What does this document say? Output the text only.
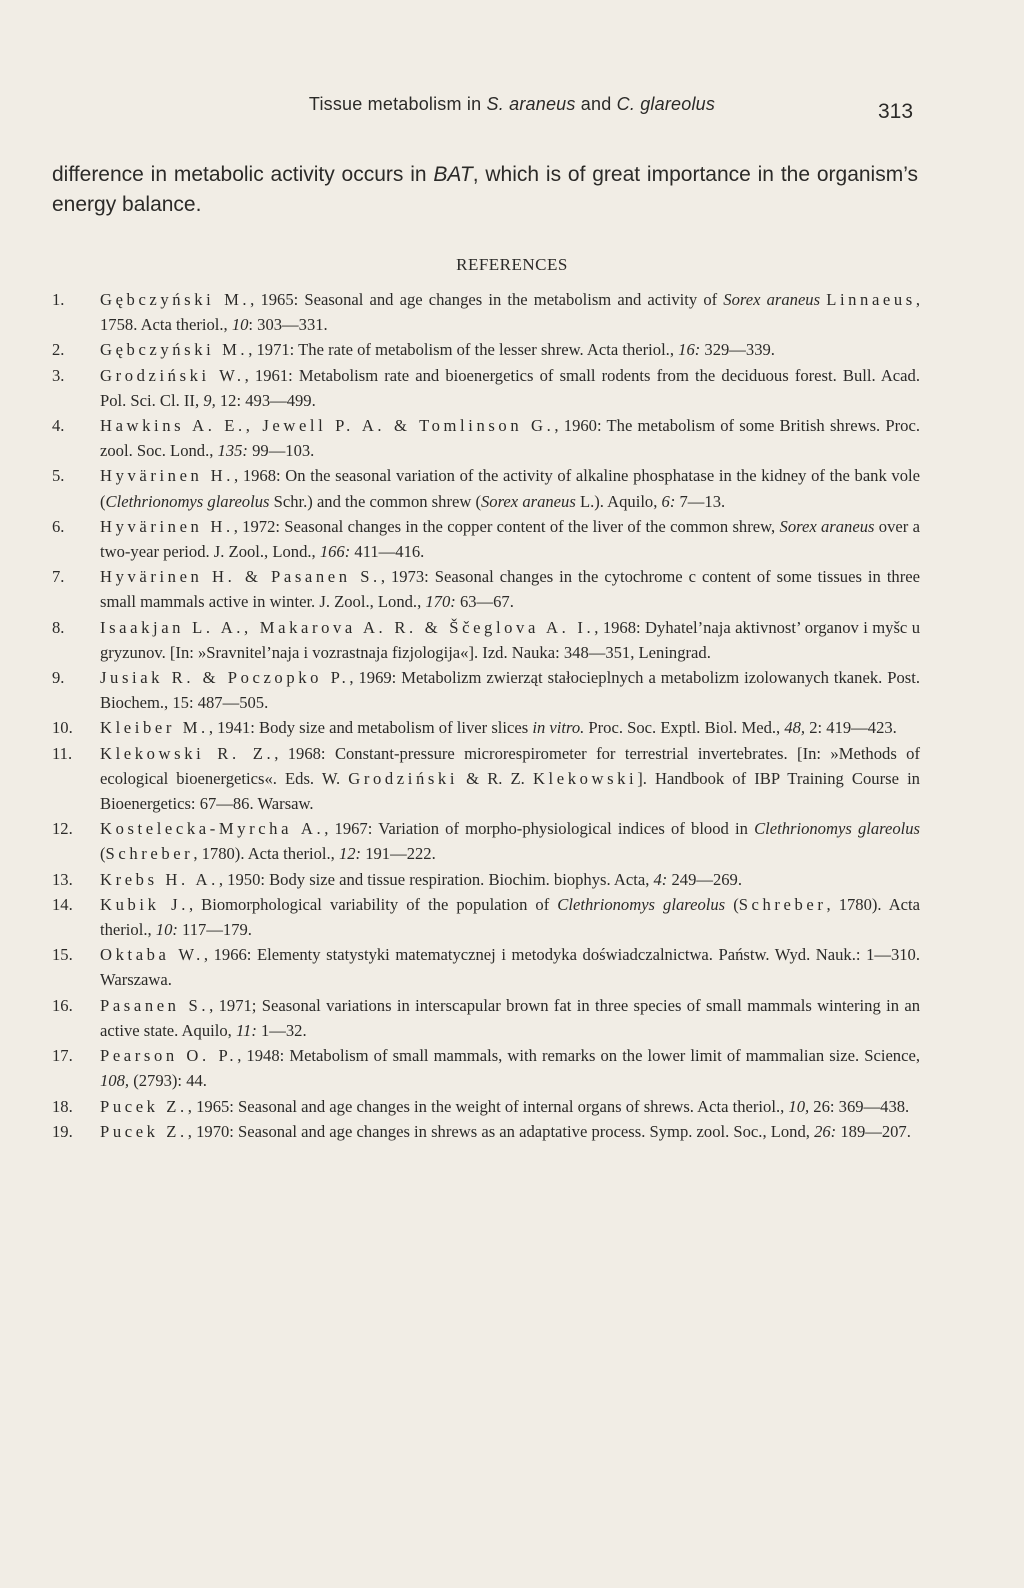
Tissue metabolism in S. araneus and C. glareolus	313
difference in metabolic activity occurs in BAT, which is of great importance in the organism’s energy balance.
REFERENCES
1.	Gębczyński M., 1965: Seasonal and age changes in the metabolism and activity of Sorex araneus Linnaeus, 1758. Acta theriol., 10: 303—331.
2.	Gębczyński M., 1971: The rate of metabolism of the lesser shrew. Acta theriol., 16: 329—339.
3.	Grodziński W., 1961: Metabolism rate and bioenergetics of small rodents from the deciduous forest. Bull. Acad. Pol. Sci. Cl. II, 9, 12: 493—499.
4.	Hawkins A. E., Jewell P. A. & Tomlinson G., 1960: The metabolism of some British shrews. Proc. zool. Soc. Lond., 135: 99—103.
5.	Hyvärinen H., 1968: On the seasonal variation of the activity of alkaline phosphatase in the kidney of the bank vole (Clethrionomys glareolus Schr.) and the common shrew (Sorex araneus L.). Aquilo, 6: 7—13.
6.	Hyvärinen H., 1972: Seasonal changes in the copper content of the liver of the common shrew, Sorex araneus over a two-year period. J. Zool., Lond., 166: 411—416.
7.	Hyvärinen H. & Pasanen S., 1973: Seasonal changes in the cytochrome c content of some tissues in three small mammals active in winter. J. Zool., Lond., 170: 63—67.
8.	Isaakjan L. A., Makarova A. R. & Ščeglova A. I., 1968: Dyhatel’naja aktivnost’ organov i myšc u gryzunov. [In: »Sravnitel’naja i vozrastnaja fizjologija«]. Izd. Nauka: 348—351, Leningrad.
9.	Jusiak R. & Poczopko P., 1969: Metabolizm zwierząt stałocieplnych a metabolizm izolowanych tkanek. Post. Biochem., 15: 487—505.
10.	Kleiber M., 1941: Body size and metabolism of liver slices in vitro. Proc. Soc. Exptl. Biol. Med., 48, 2: 419—423.
11.	Klekowski R. Z., 1968: Constant-pressure microrespirometer for terrestrial invertebrates. [In: »Methods of ecological bioenergetics«. Eds. W. Grodziński & R. Z. Klekowski]. Handbook of IBP Training Course in Bioenergetics: 67—86. Warsaw.
12.	Kostelecka-Myrcha A., 1967: Variation of morpho-physiological indices of blood in Clethrionomys glareolus (Schreber, 1780). Acta theriol., 12: 191—222.
13.	Krebs H. A., 1950: Body size and tissue respiration. Biochim. biophys. Acta, 4: 249—269.
14.	Kubik J., Biomorphological variability of the population of Clethrionomys glareolus (Schreber, 1780). Acta theriol., 10: 117—179.
15.	Oktaba W., 1966: Elementy statystyki matematycznej i metodyka doświadczalnictwa. Państw. Wyd. Nauk.: 1—310. Warszawa.
16.	Pasanen S., 1971; Seasonal variations in interscapular brown fat in three species of small mammals wintering in an active state. Aquilo, 11: 1—32.
17.	Pearson O. P., 1948: Metabolism of small mammals, with remarks on the lower limit of mammalian size. Science, 108, (2793): 44.
18.	Pucek Z., 1965: Seasonal and age changes in the weight of internal organs of shrews. Acta theriol., 10, 26: 369—438.
19.	Pucek Z., 1970: Seasonal and age changes in shrews as an adaptative process. Symp. zool. Soc., Lond, 26: 189—207.
